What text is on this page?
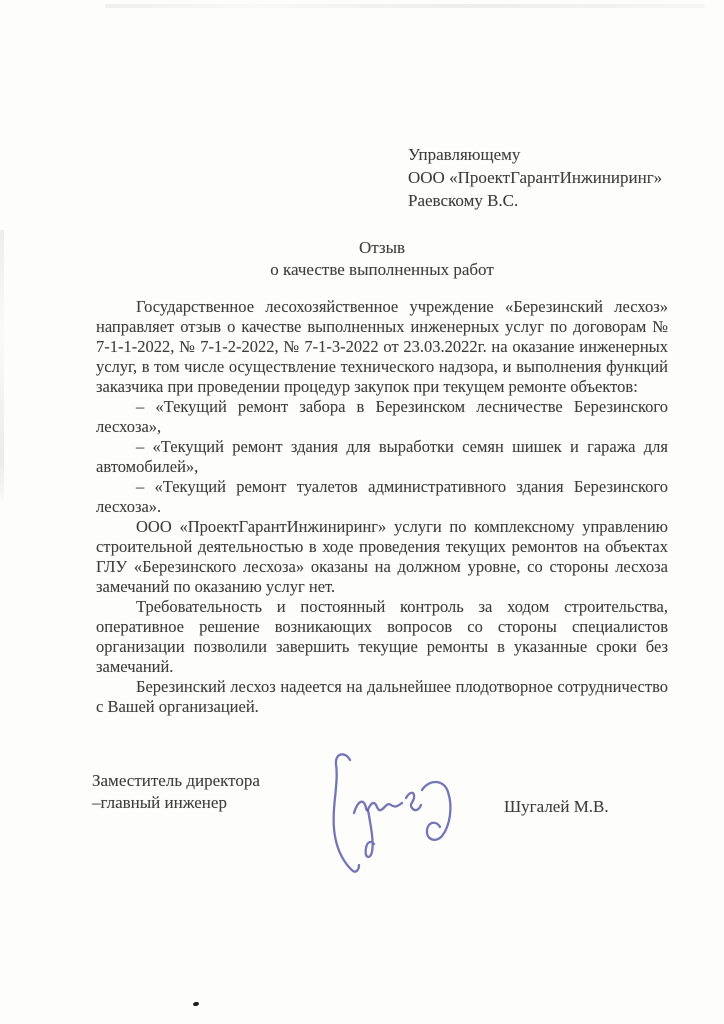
Управляющему
ООО «ПроектГарантИнжиниринг»
Раевскому В.С.
Отзыв
о качестве выполненных работ

Государственное лесохозяйственное учреждение «Березинский лесхоз» направляет отзыв о качестве выполненных инженерных услуг по договорам № 7-1-1-2022, № 7-1-2-2022, № 7-1-3-2022 от 23.03.2022г. на оказание инженерных услуг, в том числе осуществление технического надзора, и выполнения функций заказчика при проведении процедур закупок при текущем ремонте объектов:

– «Текущий ремонт забора в Березинском лесничестве Березинского лесхоза»,

– «Текущий ремонт здания для выработки семян шишек и гаража для автомобилей»,

– «Текущий ремонт туалетов административного здания Березинского лесхоза».

ООО «ПроектГарантИнжиниринг» услуги по комплексному управлению строительной деятельностью в ходе проведения текущих ремонтов на объектах ГЛУ «Березинского лесхоза» оказаны на должном уровне, со стороны лесхоза замечаний по оказанию услуг нет.

Требовательность и постоянный контроль за ходом строительства, оперативное решение возникающих вопросов со стороны специалистов организации позволили завершить текущие ремонты в указанные сроки без замечаний.

Березинский лесхоз надеется на дальнейшее плодотворное сотрудничество с Вашей организацией.

Заместитель директора
–главный инженер	Шугалей М.В.
